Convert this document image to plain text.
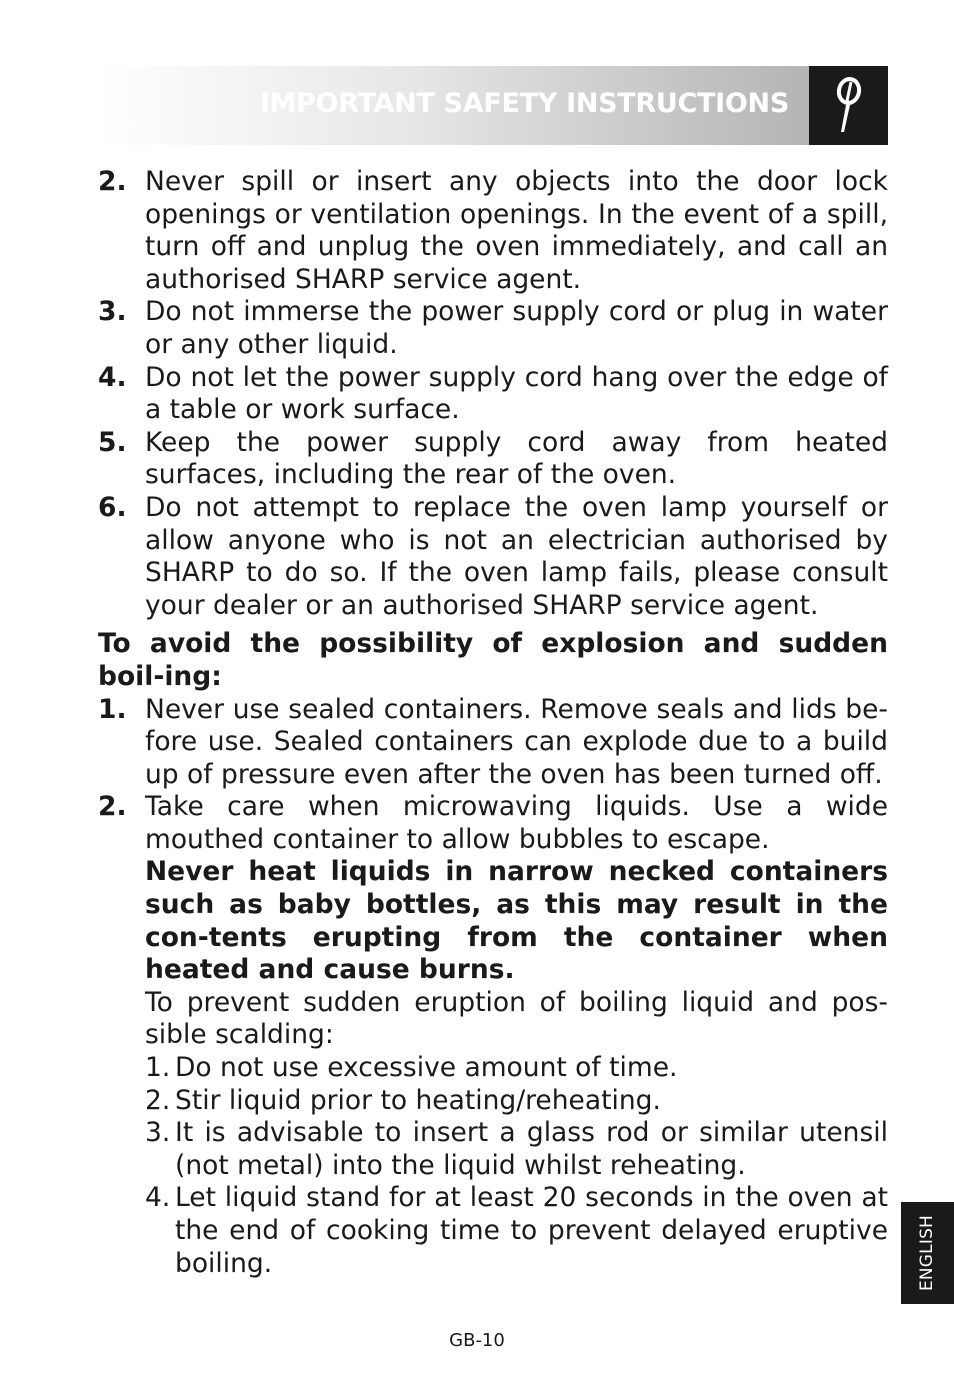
IMPORTANT SAFETY INSTRUCTIONS
2. Never spill or insert any objects into the door lock openings or ventilation openings. In the event of a spill, turn off and unplug the oven immediately, and call an authorised SHARP service agent.
3. Do not immerse the power supply cord or plug in water or any other liquid.
4. Do not let the power supply cord hang over the edge of a table or work surface.
5. Keep the power supply cord away from heated surfaces, including the rear of the oven.
6. Do not attempt to replace the oven lamp yourself or allow anyone who is not an electrician authorised by SHARP to do so. If the oven lamp fails, please consult your dealer or an authorised SHARP service agent.
To avoid the possibility of explosion and sudden boil-ing:
1. Never use sealed containers. Remove seals and lids be-fore use. Sealed containers can explode due to a build up of pressure even after the oven has been turned off.
2. Take care when microwaving liquids. Use a wide mouthed container to allow bubbles to escape.
Never heat liquids in narrow necked containers such as baby bottles, as this may result in the con-tents erupting from the container when heated and cause burns.
To prevent sudden eruption of boiling liquid and pos-sible scalding:
1. Do not use excessive amount of time.
2. Stir liquid prior to heating/reheating.
3. It is advisable to insert a glass rod or similar utensil (not metal) into the liquid whilst reheating.
4. Let liquid stand for at least 20 seconds in the oven at the end of cooking time to prevent delayed eruptive boiling.	ENGLISH
GB-10
